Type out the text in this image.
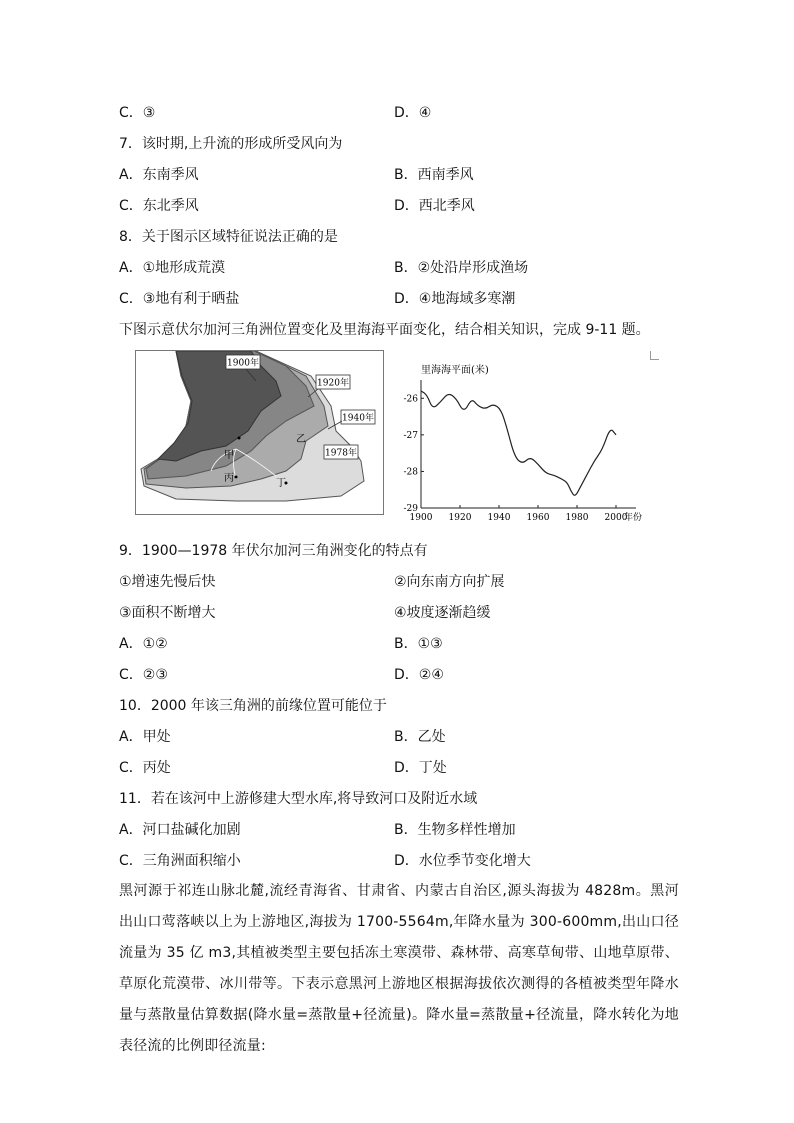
C．③	D．④
7．该时期,上升流的形成所受风向为
A．东南季风	B．西南季风
C．东北季风	D．西北季风
8．关于图示区域特征说法正确的是
A．①地形成荒漠	B．②处沿岸形成渔场
C．③地有利于晒盐	D．④地海域多寒潮
下图示意伏尔加河三角洲位置变化及里海海平面变化，结合相关知识，完成 9-11 题。
1900年
1920年
1940年
1978年
甲
乙
丙	丁
里海海平面(米)
1900 1920 1940 1960 1980 2000
-26
-27
-28
-29
年份
9．1900—1978 年伏尔加河三角洲变化的特点有
①增速先慢后快	②向东南方向扩展
③面积不断增大	④坡度逐渐趋缓
A．①②	B．①③
C．②③	D．②④
10．2000 年该三角洲的前缘位置可能位于
A．甲处	B．乙处
C．丙处	D．丁处
11．若在该河中上游修建大型水库,将导致河口及附近水域
A．河口盐碱化加剧	B．生物多样性增加
C．三角洲面积缩小	D．水位季节变化增大
黑河源于祁连山脉北麓,流经青海省、甘肃省、内蒙古自治区,源头海拔为 4828m。黑河出山口莺落峡以上为上游地区,海拔为 1700-5564m,年降水量为 300-600mm,出山口径流量为 35 亿 m3,其植被类型主要包括冻土寒漠带、森林带、高寒草甸带、山地草原带、草原化荒漠带、冰川带等。下表示意黑河上游地区根据海拔依次测得的各植被类型年降水量与蒸散量估算数据(降水量=蒸散量+径流量)。降水量=蒸散量+径流量，降水转化为地表径流的比例即径流量:
